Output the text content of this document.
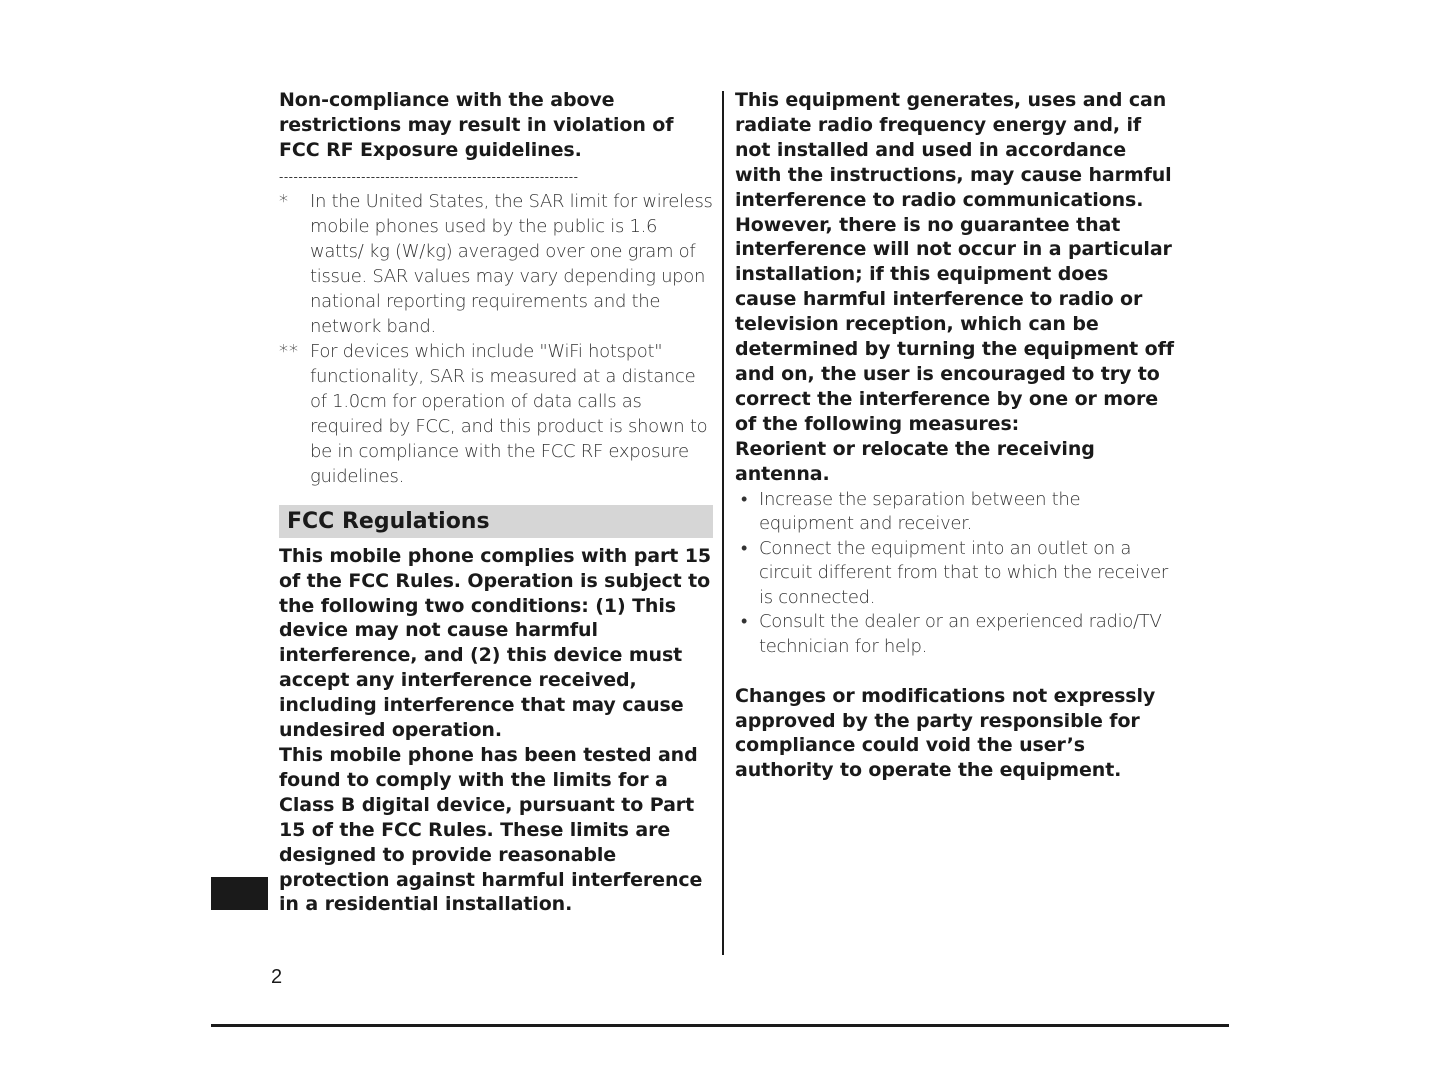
Non-compliance with the above restrictions may result in violation of FCC RF Exposure guidelines.

--------------------------------------------------------------
*	In the United States, the SAR limit for wireless mobile phones used by the public is 1.6 watts/ kg (W/kg) averaged over one gram of tissue. SAR values may vary depending upon national reporting requirements and the network band.
** For devices which include "WiFi hotspot" functionality, SAR is measured at a distance of 1.0cm for operation of data calls as required by FCC, and this product is shown to be in compliance with the FCC RF exposure guidelines.
FCC Regulations

This mobile phone complies with part 15 of the FCC Rules. Operation is subject to the following two conditions: (1) This device may not cause harmful interference, and (2) this device must accept any interference received, including interference that may cause undesired operation.

This mobile phone has been tested and found to comply with the limits for a Class B digital device, pursuant to Part 15 of the FCC Rules. These limits are designed to provide reasonable protection against harmful interference in a residential installation.

This equipment generates, uses and can radiate radio frequency energy and, if not installed and used in accordance with the instructions, may cause harmful interference to radio communications. However, there is no guarantee that interference will not occur in a particular installation; if this equipment does cause harmful interference to radio or television reception, which can be determined by turning the equipment off and on, the user is encouraged to try to correct the interference by one or more of the following measures:

Reorient or relocate the receiving antenna.

• Increase the separation between the equipment and receiver.
• Connect the equipment into an outlet on a circuit different from that to which the receiver is connected.
• Consult the dealer or an experienced radio/TV technician for help.

Changes or modifications not expressly approved by the party responsible for compliance could void the user’s authority to operate the equipment.

2
